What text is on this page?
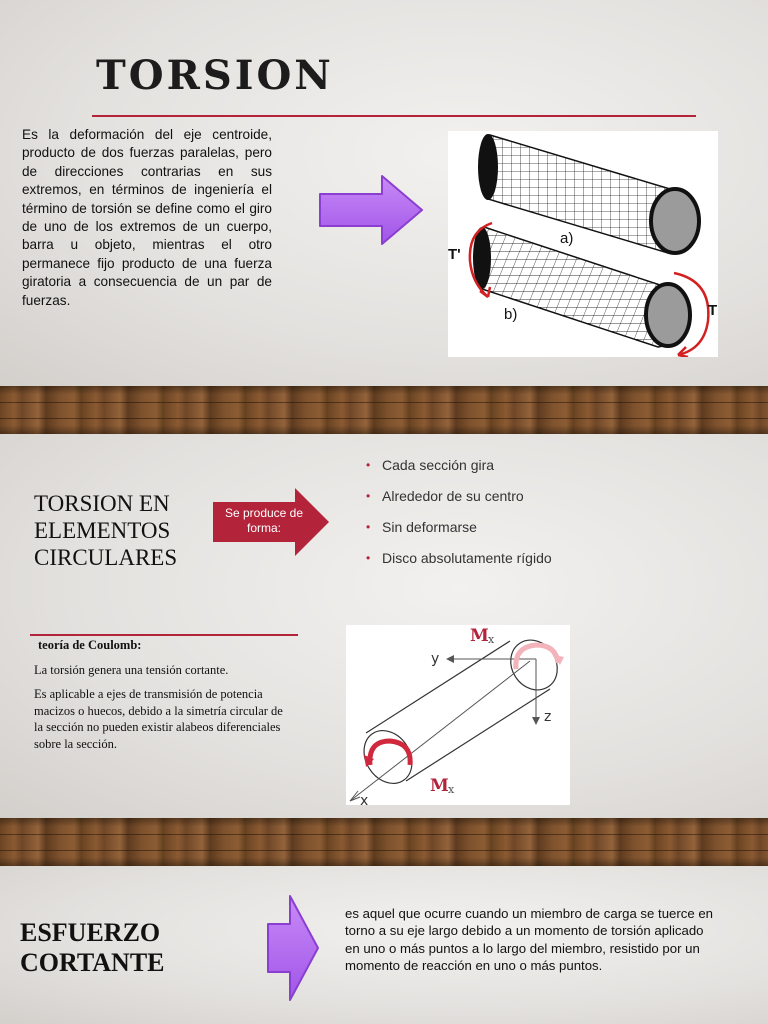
TORSION

Es la deformación del eje centroide, producto de dos fuerzas paralelas, pero de direcciones contrarias en sus extremos, en términos de ingeniería el término de torsión se define como el giro de uno de los extremos de un cuerpo, barra u objeto, mientras el otro permanece fijo producto de una fuerza giratoria a consecuencia de un par de fuerzas.

a)
b)
T'
T
TORSION EN ELEMENTOS CIRCULARES
Se produce de forma:
• Cada sección gira
• Alrededor de su centro
• Sin deformarse
• Disco absolutamente rígido
teoría de Coulomb:

La torsión genera una tensión cortante.

Es aplicable a ejes de transmisión de potencia macizos o huecos, debido a la simetría circular de la sección no pueden existir alabeos diferenciales sobre la sección.

y
z
x
M x
M x
ESFUERZO CORTANTE

es aquel que ocurre cuando un miembro de carga se tuerce en torno a su eje largo debido a un momento de torsión aplicado en uno o más puntos a lo largo del miembro, resistido por un momento de reacción en uno o más puntos.
